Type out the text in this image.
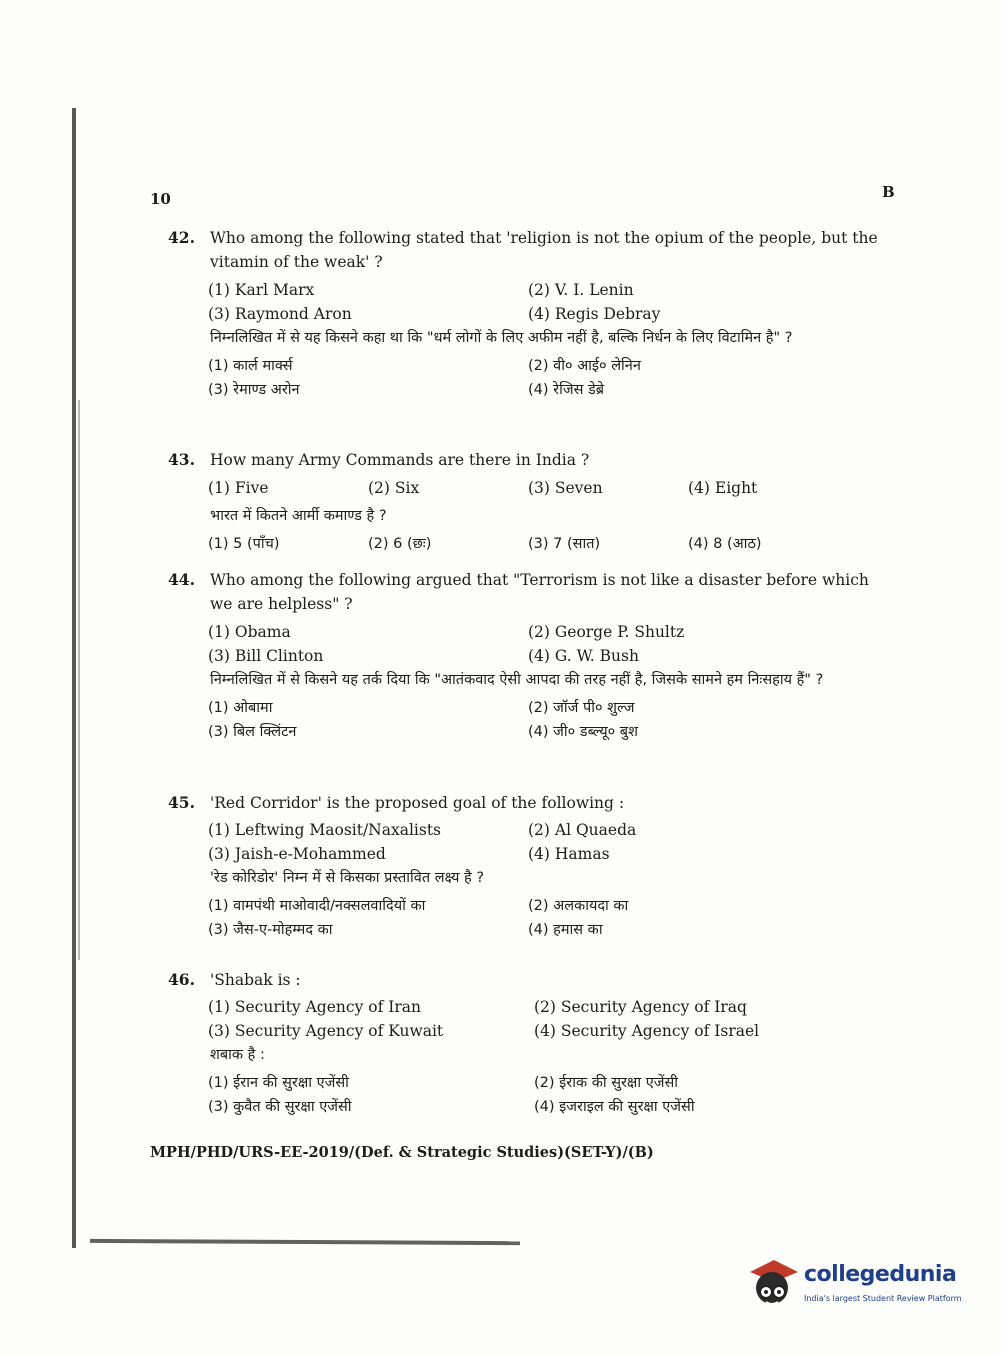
10	B
42. Who among the following stated that 'religion is not the opium of the people, but the vitamin of the weak' ?
(1) Karl Marx	(2) V. I. Lenin
(3) Raymond Aron	(4) Regis Debray
निम्नलिखित में से यह किसने कहा था कि "धर्म लोगों के लिए अफीम नहीं है, बल्कि निर्धन के लिए विटामिन है" ?
(1) कार्ल मार्क्स	(2) वी० आई० लेनिन
(3) रेमाण्ड अरोन	(4) रेजिस डेब्रे
43. How many Army Commands are there in India ?
(1) Five	(2) Six	(3) Seven	(4) Eight
भारत में कितने आर्मी कमाण्ड है ?
(1) 5 (पाँच)	(2) 6 (छः)	(3) 7 (सात)	(4) 8 (आठ)
44. Who among the following argued that "Terrorism is not like a disaster before which we are helpless" ?
(1) Obama	(2) George P. Shultz
(3) Bill Clinton	(4) G. W. Bush
निम्नलिखित में से किसने यह तर्क दिया कि "आतंकवाद ऐसी आपदा की तरह नहीं है, जिसके सामने हम निःसहाय हैं" ?
(1) ओबामा	(2) जॉर्ज पी० शुल्ज
(3) बिल क्लिंटन	(4) जी० डब्ल्यू० बुश
45. 'Red Corridor' is the proposed goal of the following :
(1) Leftwing Maosit/Naxalists	(2) Al Quaeda
(3) Jaish-e-Mohammed	(4) Hamas
'रेड कोरिडोर' निम्न में से किसका प्रस्तावित लक्ष्य है ?
(1) वामपंथी माओवादी/नक्सलवादियों का	(2) अलकायदा का
(3) जैस-ए-मोहम्मद का	(4) हमास का
46. 'Shabak is :
(1) Security Agency of Iran	(2) Security Agency of Iraq
(3) Security Agency of Kuwait	(4) Security Agency of Israel
शबाक है :
(1) ईरान की सुरक्षा एजेंसी	(2) ईराक की सुरक्षा एजेंसी
(3) कुवैत की सुरक्षा एजेंसी	(4) इजराइल की सुरक्षा एजेंसी
MPH/PHD/URS-EE-2019/(Def. & Strategic Studies)(SET-Y)/(B)
collegedunia
India's largest Student Review Platform
